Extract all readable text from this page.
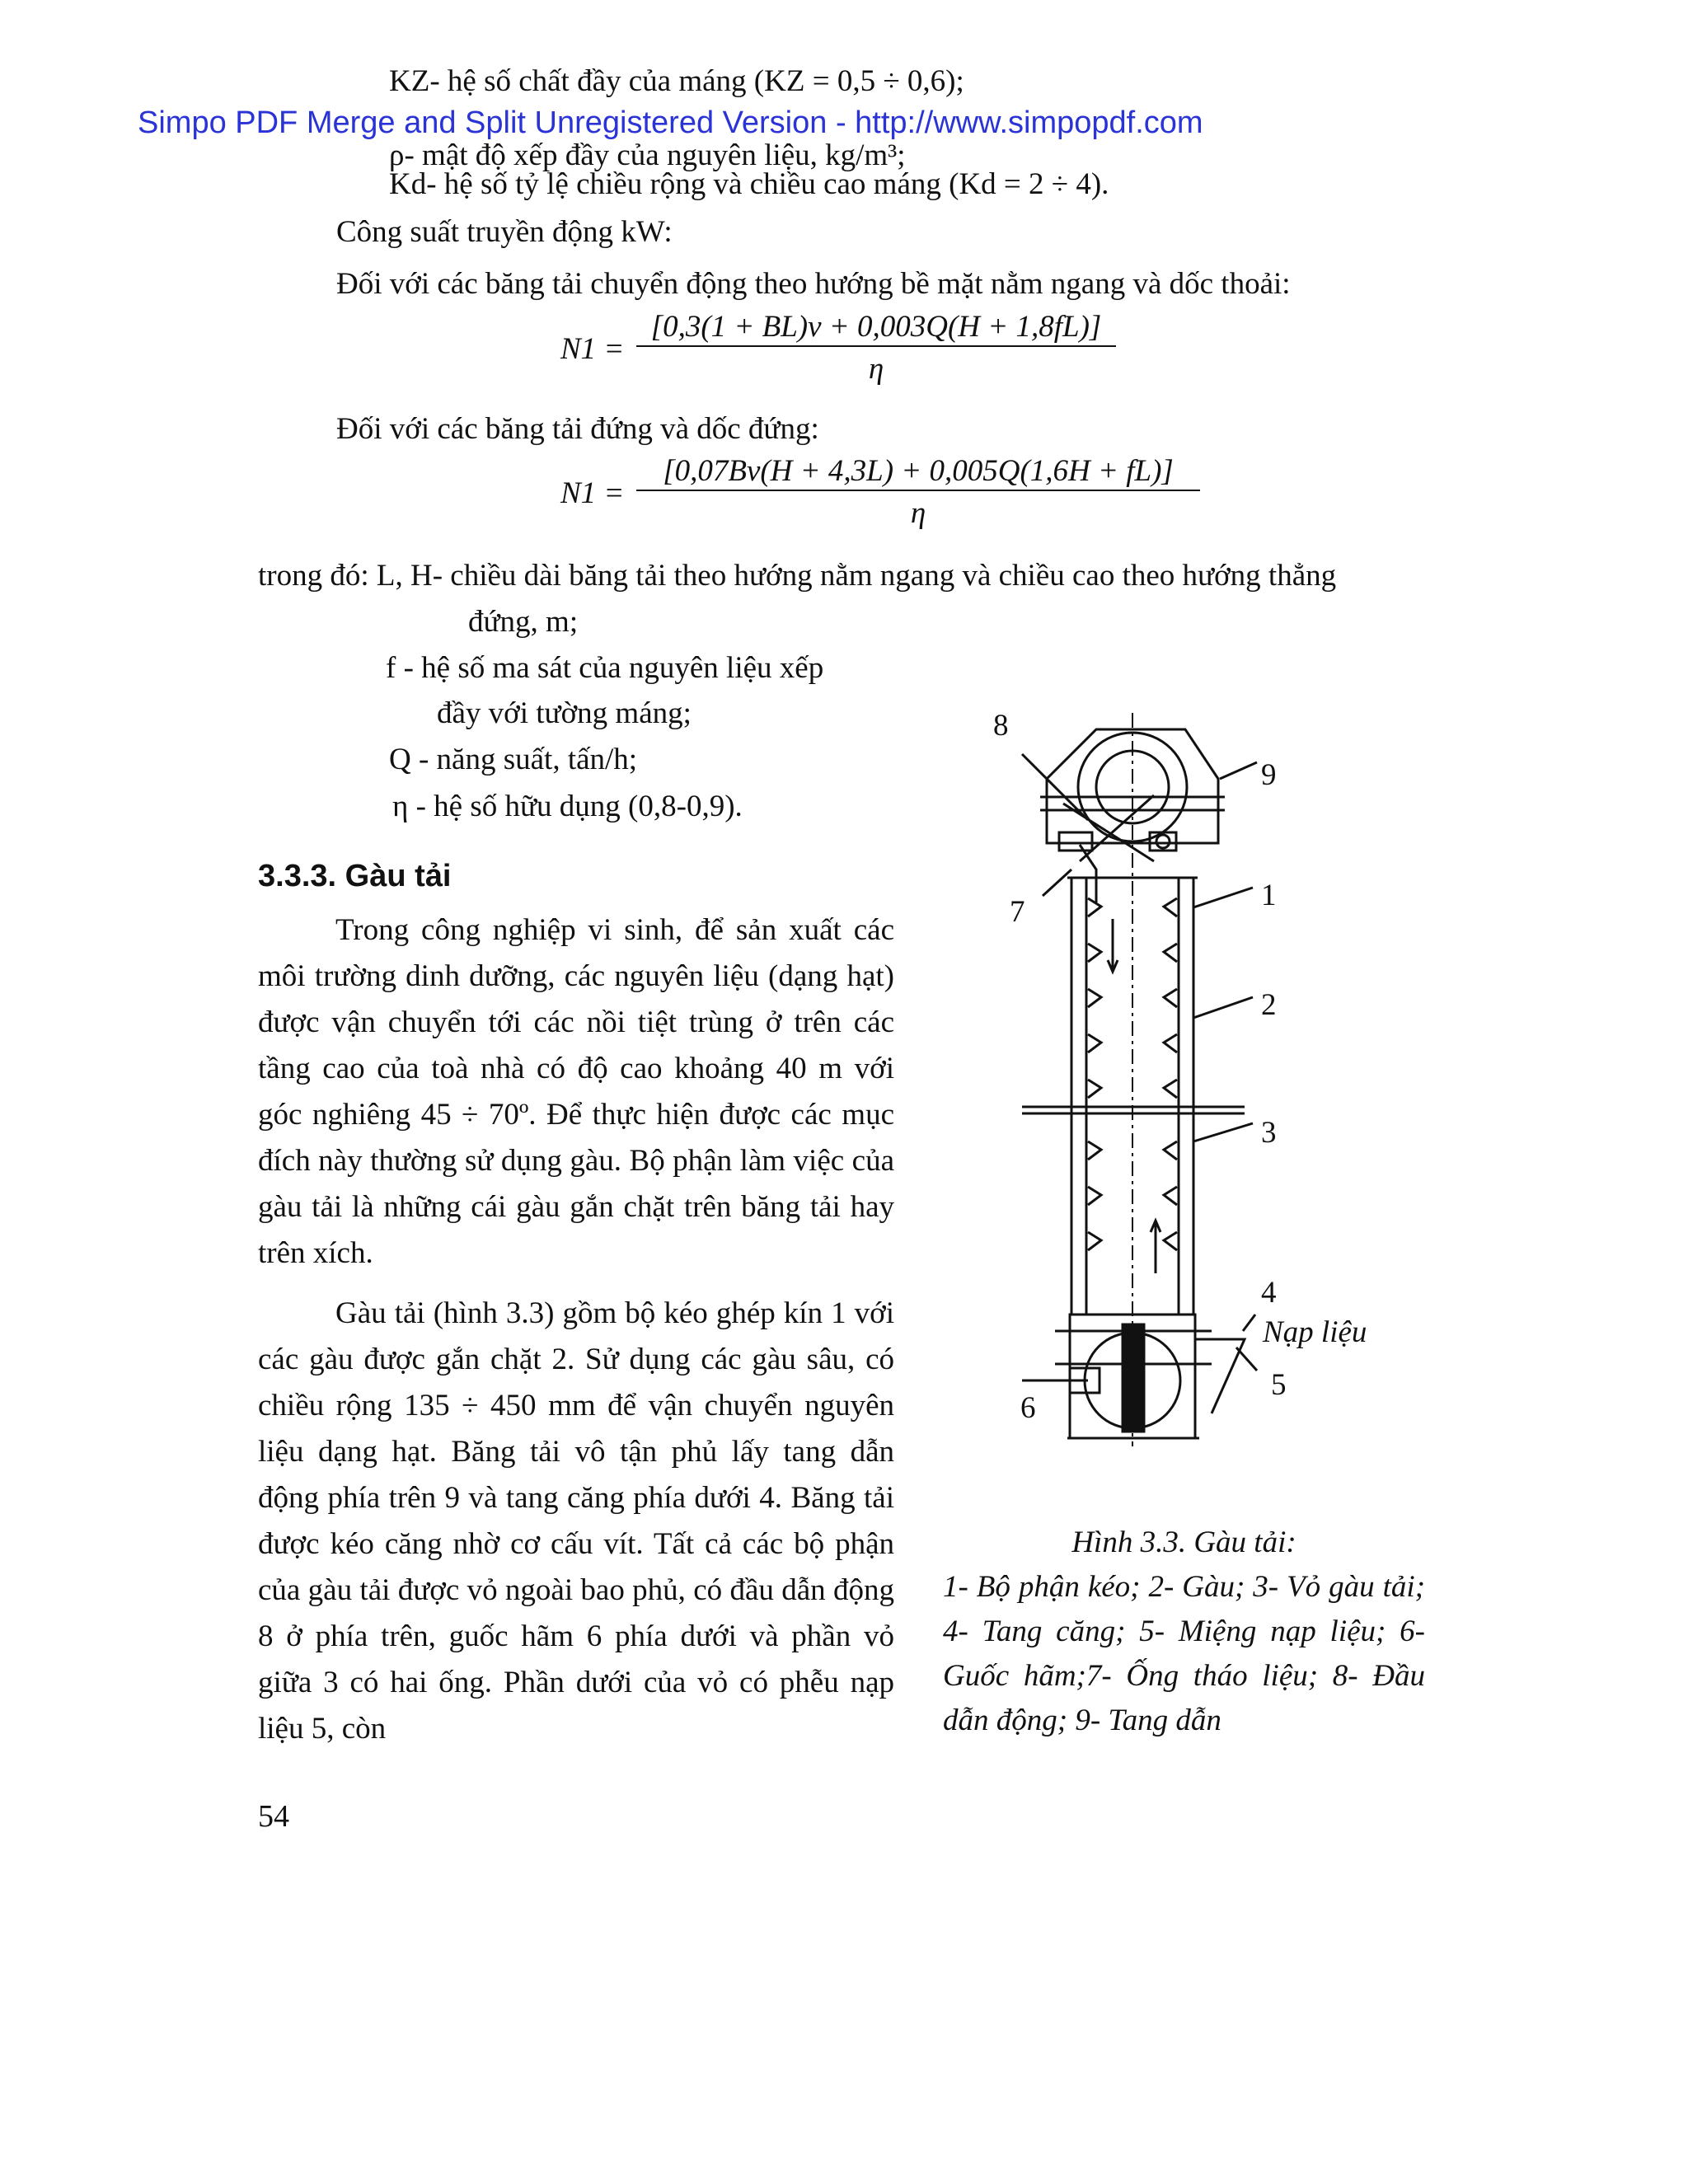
Simpo PDF Merge and Split Unregistered Version - http://www.simpopdf.com
KZ- hệ số chất đầy của máng (KZ = 0,5 ÷ 0,6);
ρ- mật độ xếp đầy của nguyên liệu, kg/m³;
Kd- hệ số tỷ lệ chiều rộng và chiều cao máng (Kd = 2 ÷ 4).
Công suất truyền động kW:
Đối với các băng tải chuyển động theo hướng bề mặt nằm ngang và dốc thoải:
$N1 = \frac{[0,3(1 + BL)v + 0,003Q(H + 1,8fL)]}{\eta}$
Đối với các băng tải đứng và dốc đứng:
$N1 = \frac{[0,07Bv(H + 4,3L) + 0,005Q(1,6H + fL)]}{\eta}$
trong đó: L, H- chiều dài băng tải theo hướng nằm ngang và chiều cao theo hướng thẳng
đứng, m;
f - hệ số ma sát của nguyên liệu xếp
đầy với tường máng;
Q - năng suất, tấn/h;
η - hệ số hữu dụng (0,8-0,9).
3.3.3. Gàu tải

Trong công nghiệp vi sinh, để sản xuất các môi trường dinh dưỡng, các nguyên liệu (dạng hạt) được vận chuyển tới các nồi tiệt trùng ở trên các tầng cao của toà nhà có độ cao khoảng 40 m với góc nghiêng 45 ÷ 70º. Để thực hiện được các mục đích này thường sử dụng gàu. Bộ phận làm việc của gàu tải là những cái gàu gắn chặt trên băng tải hay trên xích.

Gàu tải (hình 3.3) gồm bộ kéo ghép kín 1 với các gàu được gắn chặt 2. Sử dụng các gàu sâu, có chiều rộng 135 ÷ 450 mm để vận chuyển nguyên liệu dạng hạt. Băng tải vô tận phủ lấy tang dẫn động phía trên 9 và tang căng phía dưới 4. Băng tải được kéo căng nhờ cơ cấu vít. Tất cả các bộ phận của gàu tải được vỏ ngoài bao phủ, có đầu dẫn động 8 ở phía trên, guốc hãm 6 phía dưới và phần vỏ giữa 3 có hai ống. Phần dưới của vỏ có phễu nạp liệu 5, còn

8
9
7	1
2
3
4
5
6
Nạp liệu
Hình 3.3. Gàu tải:
1- Bộ phận kéo; 2- Gàu; 3- Vỏ gàu tải; 4- Tang căng; 5- Miệng nạp liệu; 6- Guốc hãm;7- Ống tháo liệu; 8- Đầu dẫn động; 9- Tang dẫn
54
